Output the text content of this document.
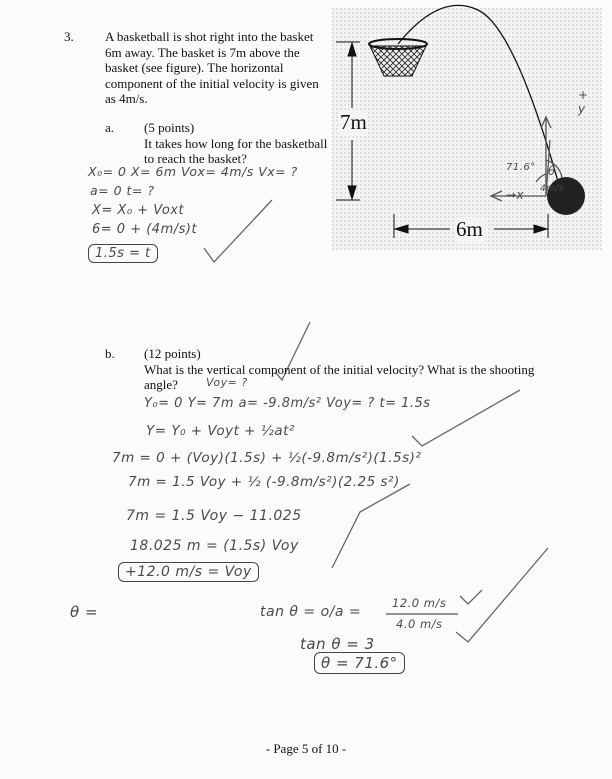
3. A basketball is shot right into the basket
6m away. The basket is 7m above the
basket (see figure). The horizontal
component of the initial velocity is given
as 4m/s.
7m
6m
71.6°
4m/s
θ
+ y
→x
a. (5 points)
It takes how long for the basketball
to reach the basket?
X₀= 0 X= 6m Vox= 4m/s Vx= ?
a= 0 t= ?
X= X₀ + Voxt
6= 0 + (4m/s)t
1.5s = t
b. (12 points)
What is the vertical component of the initial velocity? What is the shooting
angle?	Voy= ?
Y₀= 0 Y= 7m a= -9.8m/s² Voy= ? t= 1.5s
Y= Y₀ + Voyt + ½at²
7m = 0 + (Voy)(1.5s) + ½(-9.8m/s²)(1.5s)²
7m = 1.5 Voy + ½ (-9.8m/s²)(2.25 s²)
7m = 1.5 Voy − 11.025
18.025 m = (1.5s) Voy
+12.0 m/s = Voy
θ =	tan θ = o/a =
12.0 m/s
4.0 m/s
tan θ = 3
θ = 71.6°
- Page 5 of 10 -
